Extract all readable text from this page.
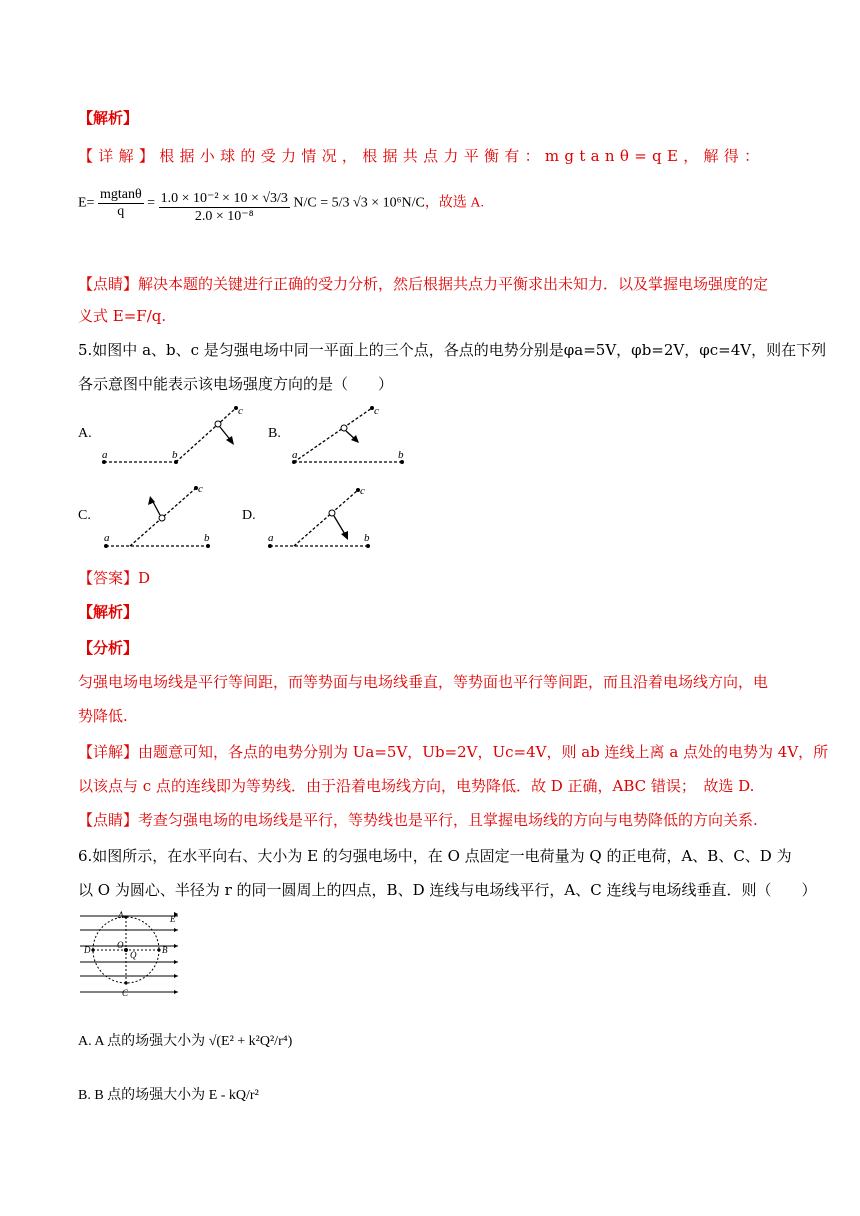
【解析】
【详解】根据小球的受力情况，根据共点力平衡有：mgtanθ=qE，解得：
$E= \frac{mgtan\theta}{q} = \frac{\text{1.0 × 10⁻² × 10 × √3/3}}{\text{2.0 × 10⁻⁸}} N/C = 5/3$ √3 × 10⁶N/C，故选 A.
【点睛】解决本题的关键进行正确的受力分析，然后根据共点力平衡求出未知力．以及掌握电场强度的定
义式 E=F/q.
5.如图中 a、b、c 是匀强电场中同一平面上的三个点，各点的电势分别是φa=5V，φb=2V，φc=4V，则在下列
各示意图中能表示该电场强度方向的是（　　）
A.	B.
C.	D.
a	b
c
a	b
c
a	b
c
a	b
c
【答案】D
【解析】
【分析】
匀强电场电场线是平行等间距，而等势面与电场线垂直，等势面也平行等间距，而且沿着电场线方向，电
势降低.
【详解】由题意可知，各点的电势分别为 Ua=5V，Ub=2V，Uc=4V，则 ab 连线上离 a 点处的电势为 4V，所
以该点与 c 点的连线即为等势线．由于沿着电场线方向，电势降低．故 D 正确，ABC 错误；　故选 D.
【点睛】考查匀强电场的电场线是平行，等势线也是平行，且掌握电场线的方向与电势降低的方向关系.
6.如图所示，在水平向右、大小为 E 的匀强电场中，在 O 点固定一电荷量为 Q 的正电荷，A、B、C、D 为
以 O 为圆心、半径为 r 的同一圆周上的四点，B、D 连线与电场线平行，A、C 连线与电场线垂直．则（　　）
A
B
C
D	O
Q
E
A. A 点的场强大小为 √(E² + k²Q²/r⁴)
B. B 点的场强大小为 E - kQ/r²
